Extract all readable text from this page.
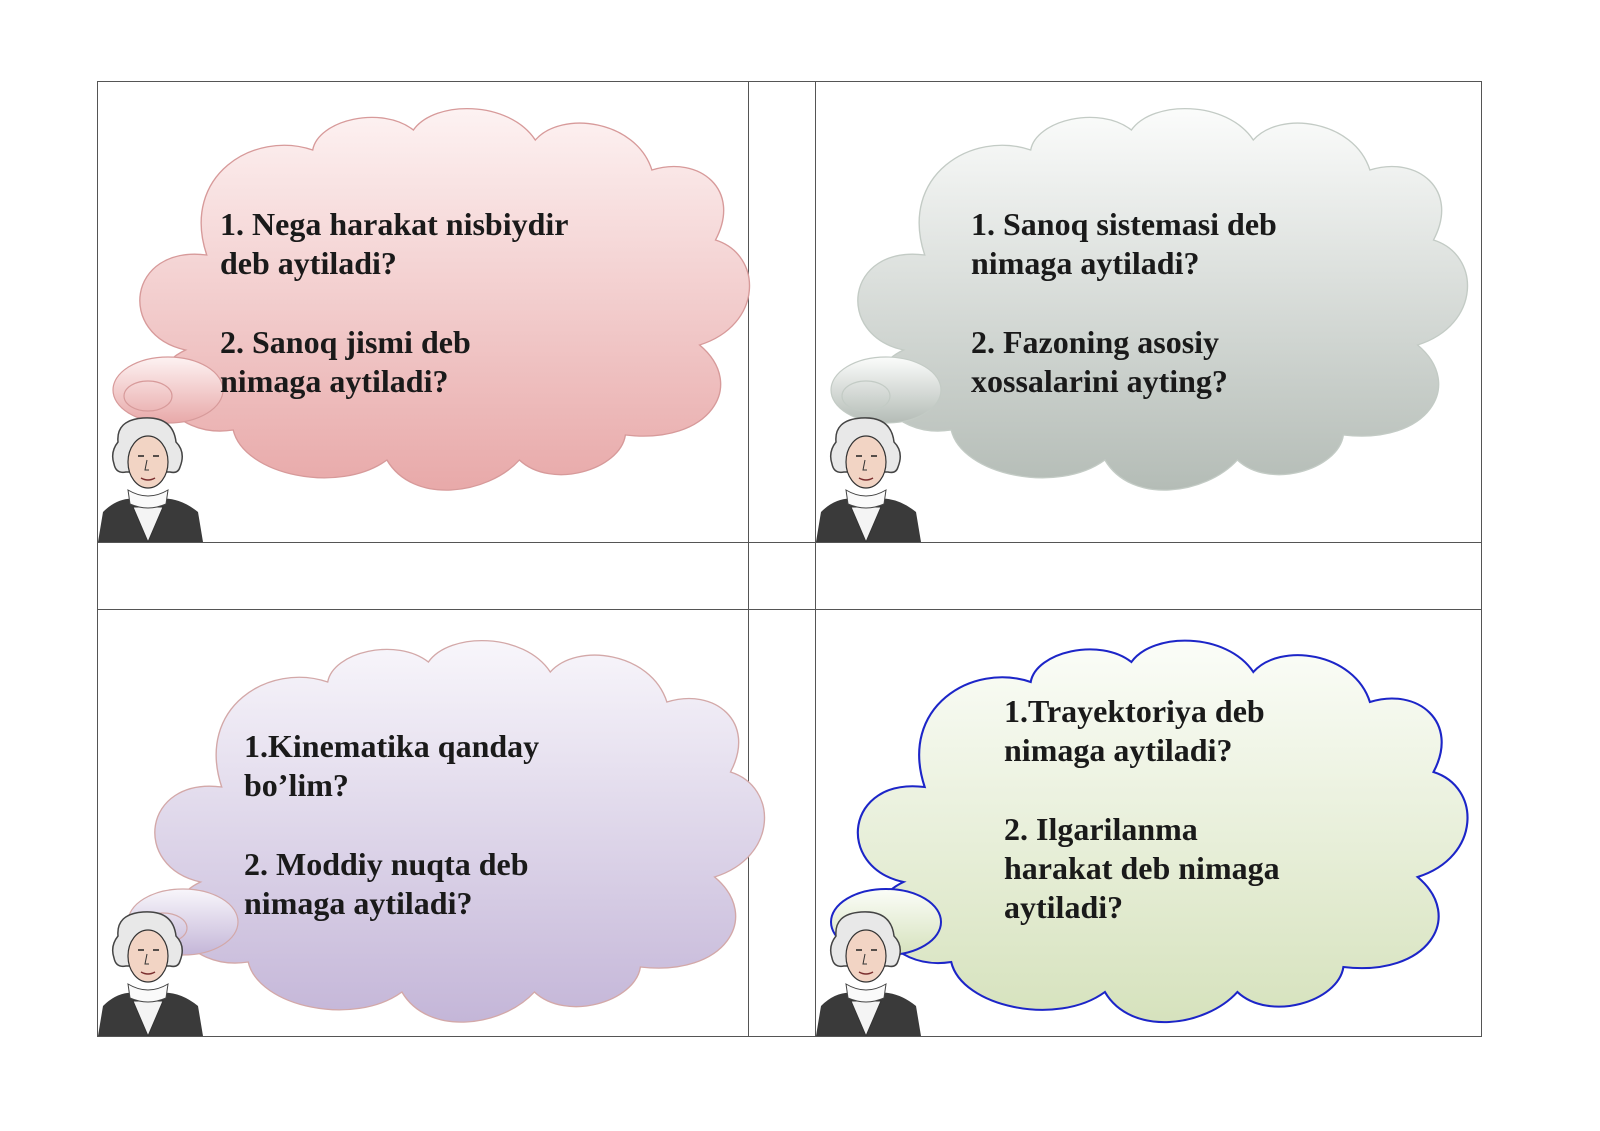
1. Nega harakat nisbiydir
deb aytiladi?
2. Sanoq jismi deb
nimaga aytiladi?
1. Sanoq sistemasi deb
nimaga aytiladi?
2. Fazoning asosiy
xossalarini ayting?
1.Kinematika qanday
bo’lim?
2. Moddiy nuqta deb
nimaga aytiladi?
1.Trayektoriya deb
nimaga aytiladi?
2. Ilgarilanma
harakat deb nimaga
aytiladi?
